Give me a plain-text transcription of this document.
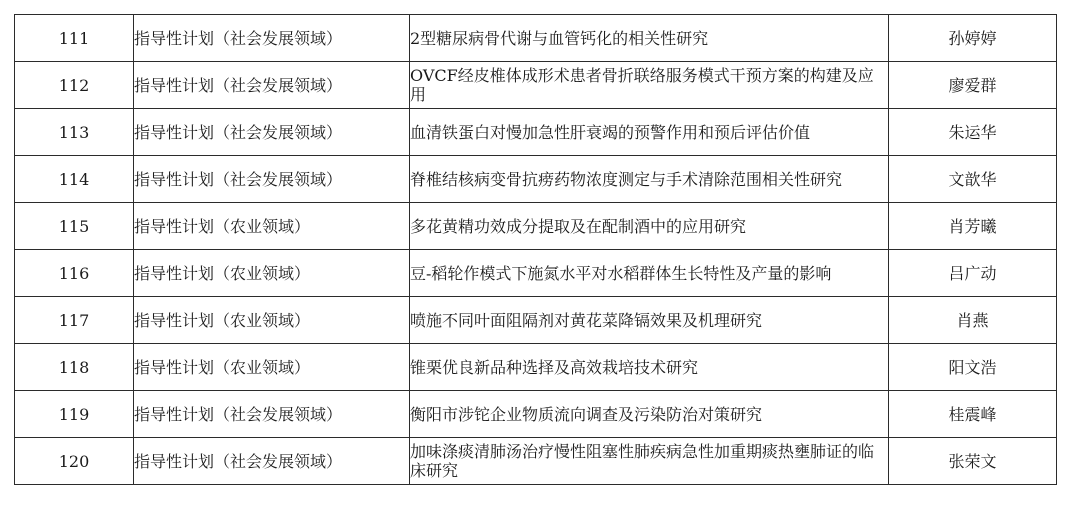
111	指导性计划（社会发展领域）	2型糖尿病骨代谢与血管钙化的相关性研究	孙婷婷
112	指导性计划（社会发展领域）	OVCF经皮椎体成形术患者骨折联络服务模式干预方案的构建及应用	廖爱群
113	指导性计划（社会发展领域）	血清铁蛋白对慢加急性肝衰竭的预警作用和预后评估价值	朱运华
114	指导性计划（社会发展领域）	脊椎结核病变骨抗痨药物浓度测定与手术清除范围相关性研究	文歆华
115	指导性计划（农业领域）	多花黄精功效成分提取及在配制酒中的应用研究	肖芳曦
116	指导性计划（农业领域）	豆-稻轮作模式下施氮水平对水稻群体生长特性及产量的影响	吕广动
117	指导性计划（农业领域）	喷施不同叶面阻隔剂对黄花菜降镉效果及机理研究	肖燕
118	指导性计划（农业领域）	锥栗优良新品种选择及高效栽培技术研究	阳文浩
119	指导性计划（社会发展领域）	衡阳市涉铊企业物质流向调查及污染防治对策研究	桂震峰
120	指导性计划（社会发展领域）	加味涤痰清肺汤治疗慢性阻塞性肺疾病急性加重期痰热壅肺证的临床研究	张荣文
